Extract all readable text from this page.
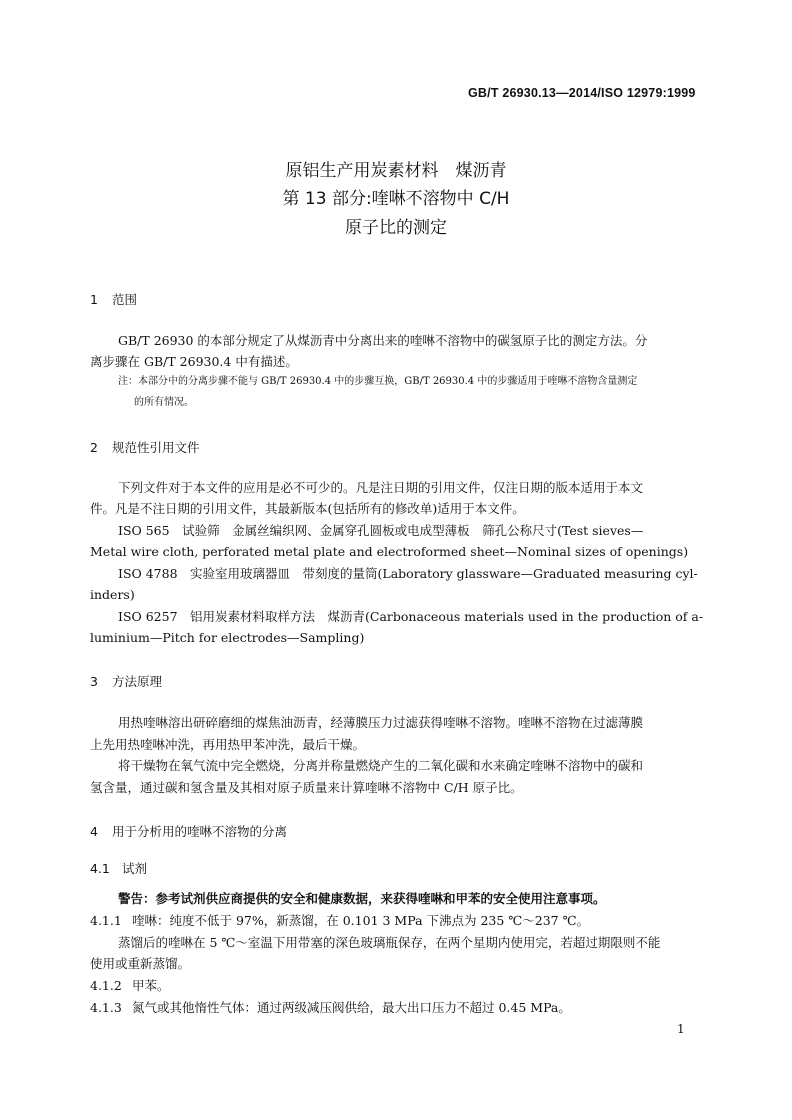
GB/T 26930.13—2014/ISO 12979:1999
原铝生产用炭素材料　煤沥青
第 13 部分:喹啉不溶物中 C/H
原子比的测定
1 范围
GB/T 26930 的本部分规定了从煤沥青中分离出来的喹啉不溶物中的碳氢原子比的测定方法。分
离步骤在 GB/T 26930.4 中有描述。
注：本部分中的分离步骤不能与 GB/T 26930.4 中的步骤互换，GB/T 26930.4 中的步骤适用于喹啉不溶物含量测定
的所有情况。
2 规范性引用文件
下列文件对于本文件的应用是必不可少的。凡是注日期的引用文件，仅注日期的版本适用于本文
件。凡是不注日期的引用文件，其最新版本(包括所有的修改单)适用于本文件。
ISO 565　试验筛　金属丝编织网、金属穿孔圆板或电成型薄板　筛孔公称尺寸(Test sieves—
Metal wire cloth, perforated metal plate and electroformed sheet—Nominal sizes of openings)
ISO 4788　实验室用玻璃器皿　带刻度的量筒(Laboratory glassware—Graduated measuring cyl-
inders)
ISO 6257　铝用炭素材料取样方法　煤沥青(Carbonaceous materials used in the production of a-
luminium—Pitch for electrodes—Sampling)
3 方法原理
用热喹啉溶出研碎磨细的煤焦油沥青，经薄膜压力过滤获得喹啉不溶物。喹啉不溶物在过滤薄膜
上先用热喹啉冲洗，再用热甲苯冲洗，最后干燥。
将干燥物在氧气流中完全燃烧，分离并称量燃烧产生的二氧化碳和水来确定喹啉不溶物中的碳和
氢含量，通过碳和氢含量及其相对原子质量来计算喹啉不溶物中 C/H 原子比。
4 用于分析用的喹啉不溶物的分离
4.1 试剂
警告：参考试剂供应商提供的安全和健康数据，来获得喹啉和甲苯的安全使用注意事项。
4.1.1 喹啉：纯度不低于 97%，新蒸馏，在 0.101 3 MPa 下沸点为 235 ℃～237 ℃。
蒸馏后的喹啉在 5 ℃～室温下用带塞的深色玻璃瓶保存，在两个星期内使用完，若超过期限则不能
使用或重新蒸馏。
4.1.2 甲苯。
4.1.3 氮气或其他惰性气体：通过两级减压阀供给，最大出口压力不超过 0.45 MPa。
1
